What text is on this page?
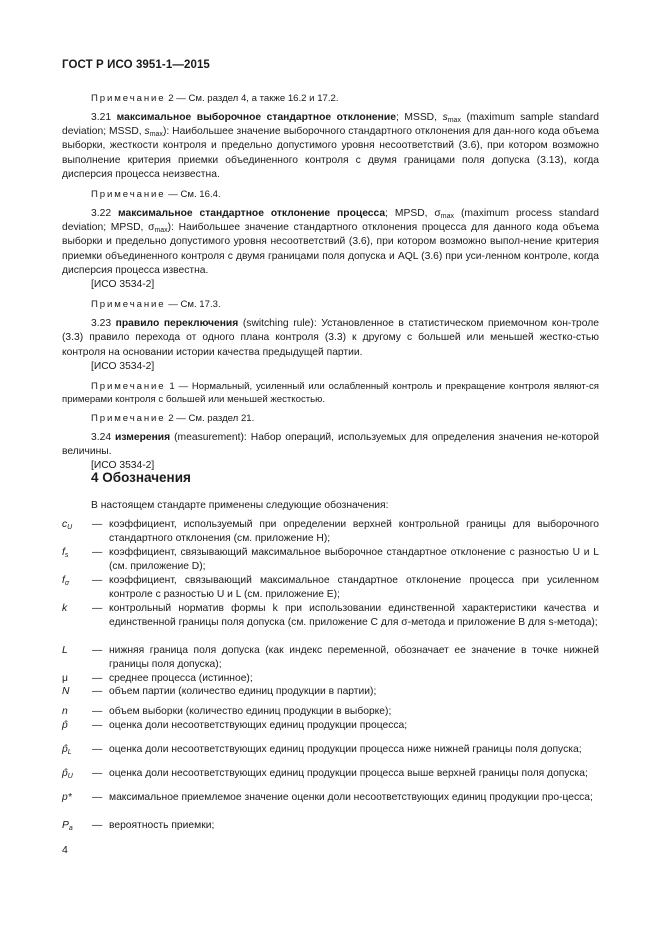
ГОСТ Р ИСО 3951-1—2015

Примечание 2 — См. раздел 4, а также 16.2 и 17.2.

3.21 максимальное выборочное стандартное отклонение; MSSD, $s_{max}$ (maximum sample standard deviation; MSSD, $s_{max}$): Наибольшее значение выборочного стандартного отклонения для дан-ного кода объема выборки, жесткости контроля и предельно допустимого уровня несоответствий (3.6), при котором возможно выполнение критерия приемки объединенного контроля с двумя границами поля допуска (3.13), когда дисперсия процесса неизвестна.

Примечание — См. 16.4.

3.22 максимальное стандартное отклонение процесса; MPSD, $\sigma_{max}$ (maximum process standard deviation; MPSD, $\sigma_{max}$): Наибольшее значение стандартного отклонения процесса для данного кода объема выборки и предельно допустимого уровня несоответствий (3.6), при котором возможно выпол-нение критерия приемки объединенного контроля с двумя границами поля допуска и AQL (3.6) при уси-ленном контроле, когда дисперсия процесса известна.

[ИСО 3534-2]

Примечание — См. 17.3.

3.23 правило переключения (switching rule): Установленное в статистическом приемочном кон-троле (3.3) правило перехода от одного плана контроля (3.3) к другому с большей или меньшей жестко-стью контроля на основании истории качества предыдущей партии.

[ИСО 3534-2]

Примечание 1 — Нормальный, усиленный или ослабленный контроль и прекращение контроля являют-ся примерами контроля с большей или меньшей жесткостью.

Примечание 2 — См. раздел 21.

3.24 измерения (measurement): Набор операций, используемых для определения значения не-которой величины.

[ИСО 3534-2]

4 Обозначения

В настоящем стандарте применены следующие обозначения:

$c_U$ — коэффициент, используемый при определении верхней контрольной границы для выборочного стандартного отклонения (см. приложение Н);
$f_s$ — коэффициент, связывающий максимальное выборочное стандартное отклонение с разностью U и L (см. приложение D);
$f_\sigma$ — коэффициент, связывающий максимальное стандартное отклонение процесса при усиленном контроле с разностью U и L (см. приложение Е);
k — контрольный норматив формы k при использовании единственной характеристики качества и единственной границы поля допуска (см. приложение С для σ-метода и приложение В для s-метода);
L — нижняя граница поля допуска (как индекс переменной, обозначает ее значение в точке нижней границы поля допуска);
μ — среднее процесса (истинное);
N — объем партии (количество единиц продукции в партии);
n — объем выборки (количество единиц продукции в выборке);
p̂ — оценка доли несоответствующих единиц продукции процесса;
$p̂_L$ — оценка доли несоответствующих единиц продукции процесса ниже нижней границы поля допуска;
$p̂_U$ — оценка доли несоответствующих единиц продукции процесса выше верхней границы поля допуска;
p* — максимальное приемлемое значение оценки доли несоответствующих единиц продукции про-цесса;
$P_a$ — вероятность приемки;
4
